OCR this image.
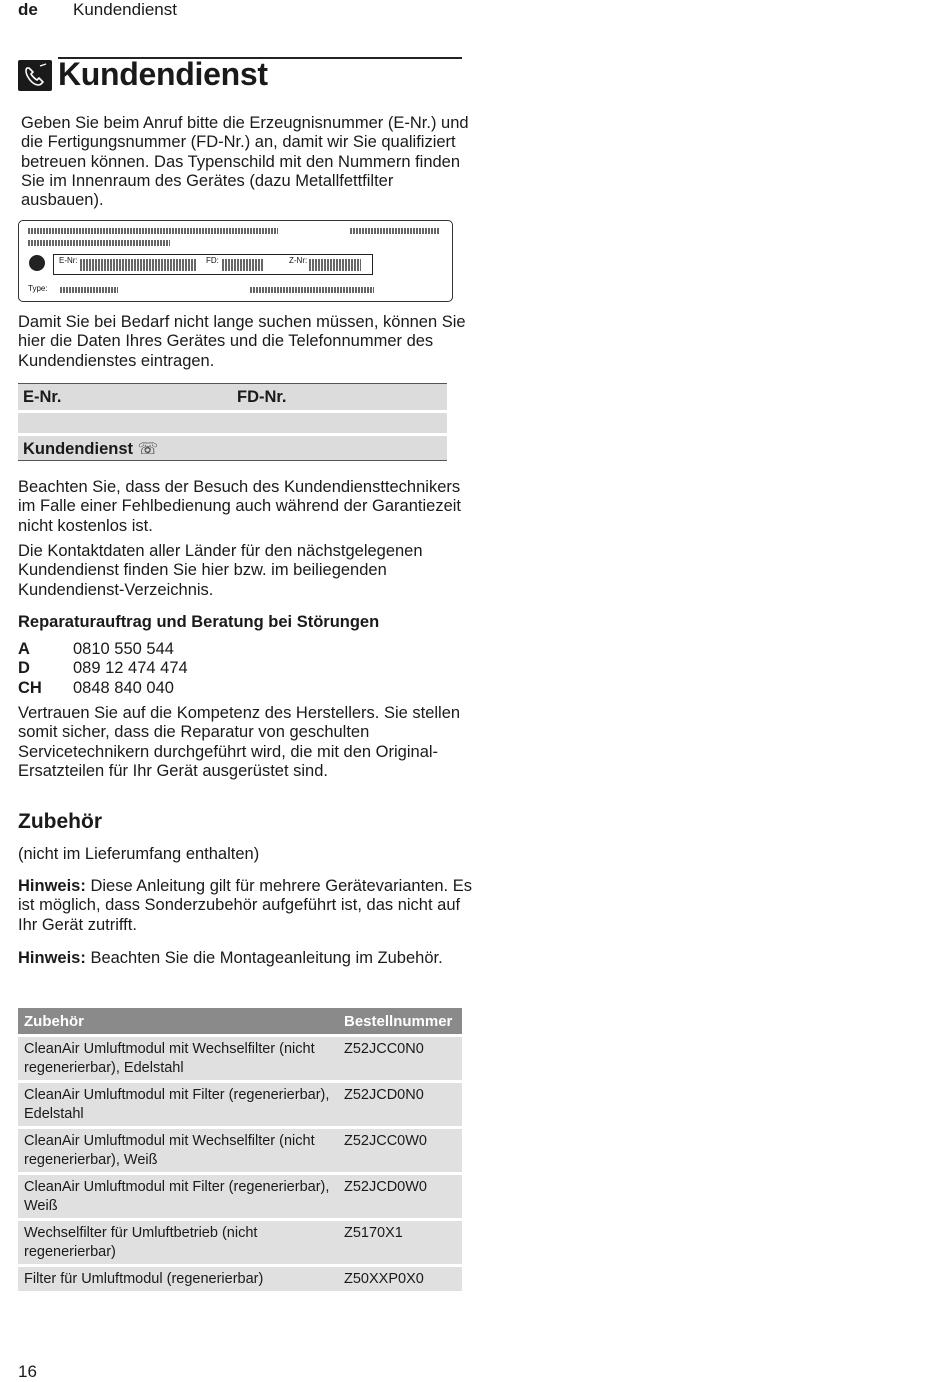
de Kundendienst
Kundendienst

Geben Sie beim Anruf bitte die Erzeugnisnummer (E-Nr.) und die Fertigungsnummer (FD-Nr.) an, damit wir Sie qualifiziert betreuen können. Das Typenschild mit den Nummern finden Sie im Innenraum des Gerätes (dazu Metallfettfilter ausbauen).

E-Nr:	FD:	Z-Nr:
Type:

Damit Sie bei Bedarf nicht lange suchen müssen, können Sie hier die Daten Ihres Gerätes und die Telefonnummer des Kundendienstes eintragen.

E-Nr.	FD-Nr.
Kundendienst ☏

Beachten Sie, dass der Besuch des Kundendiensttechnikers im Falle einer Fehlbedienung auch während der Garantiezeit nicht kostenlos ist.

Die Kontaktdaten aller Länder für den nächstgelegenen Kundendienst finden Sie hier bzw. im beiliegenden Kundendienst-Verzeichnis.

Reparaturauftrag und Beratung bei Störungen

A	0810 550 544
D	089 12 474 474
CH 0848 840 040

Vertrauen Sie auf die Kompetenz des Herstellers. Sie stellen somit sicher, dass die Reparatur von geschulten Servicetechnikern durchgeführt wird, die mit den Original-Ersatzteilen für Ihr Gerät ausgerüstet sind.

Zubehör

(nicht im Lieferumfang enthalten)

Hinweis: Diese Anleitung gilt für mehrere Gerätevarianten. Es ist möglich, dass Sonderzubehör aufgeführt ist, das nicht auf Ihr Gerät zutrifft.

Hinweis: Beachten Sie die Montageanleitung im Zubehör.

Zubehör	Bestellnummer
CleanAir Umluftmodul mit Wechselfilter (nicht regenerierbar), Edelstahl	Z52JCC0N0
CleanAir Umluftmodul mit Filter (regenerierbar), Edelstahl	Z52JCD0N0
CleanAir Umluftmodul mit Wechselfilter (nicht regenerierbar), Weiß	Z52JCC0W0
CleanAir Umluftmodul mit Filter (regenerierbar), Weiß	Z52JCD0W0
Wechselfilter für Umluftbetrieb (nicht regenerierbar)	Z5170X1
Filter für Umluftmodul (regenerierbar)	Z50XXP0X0
16
